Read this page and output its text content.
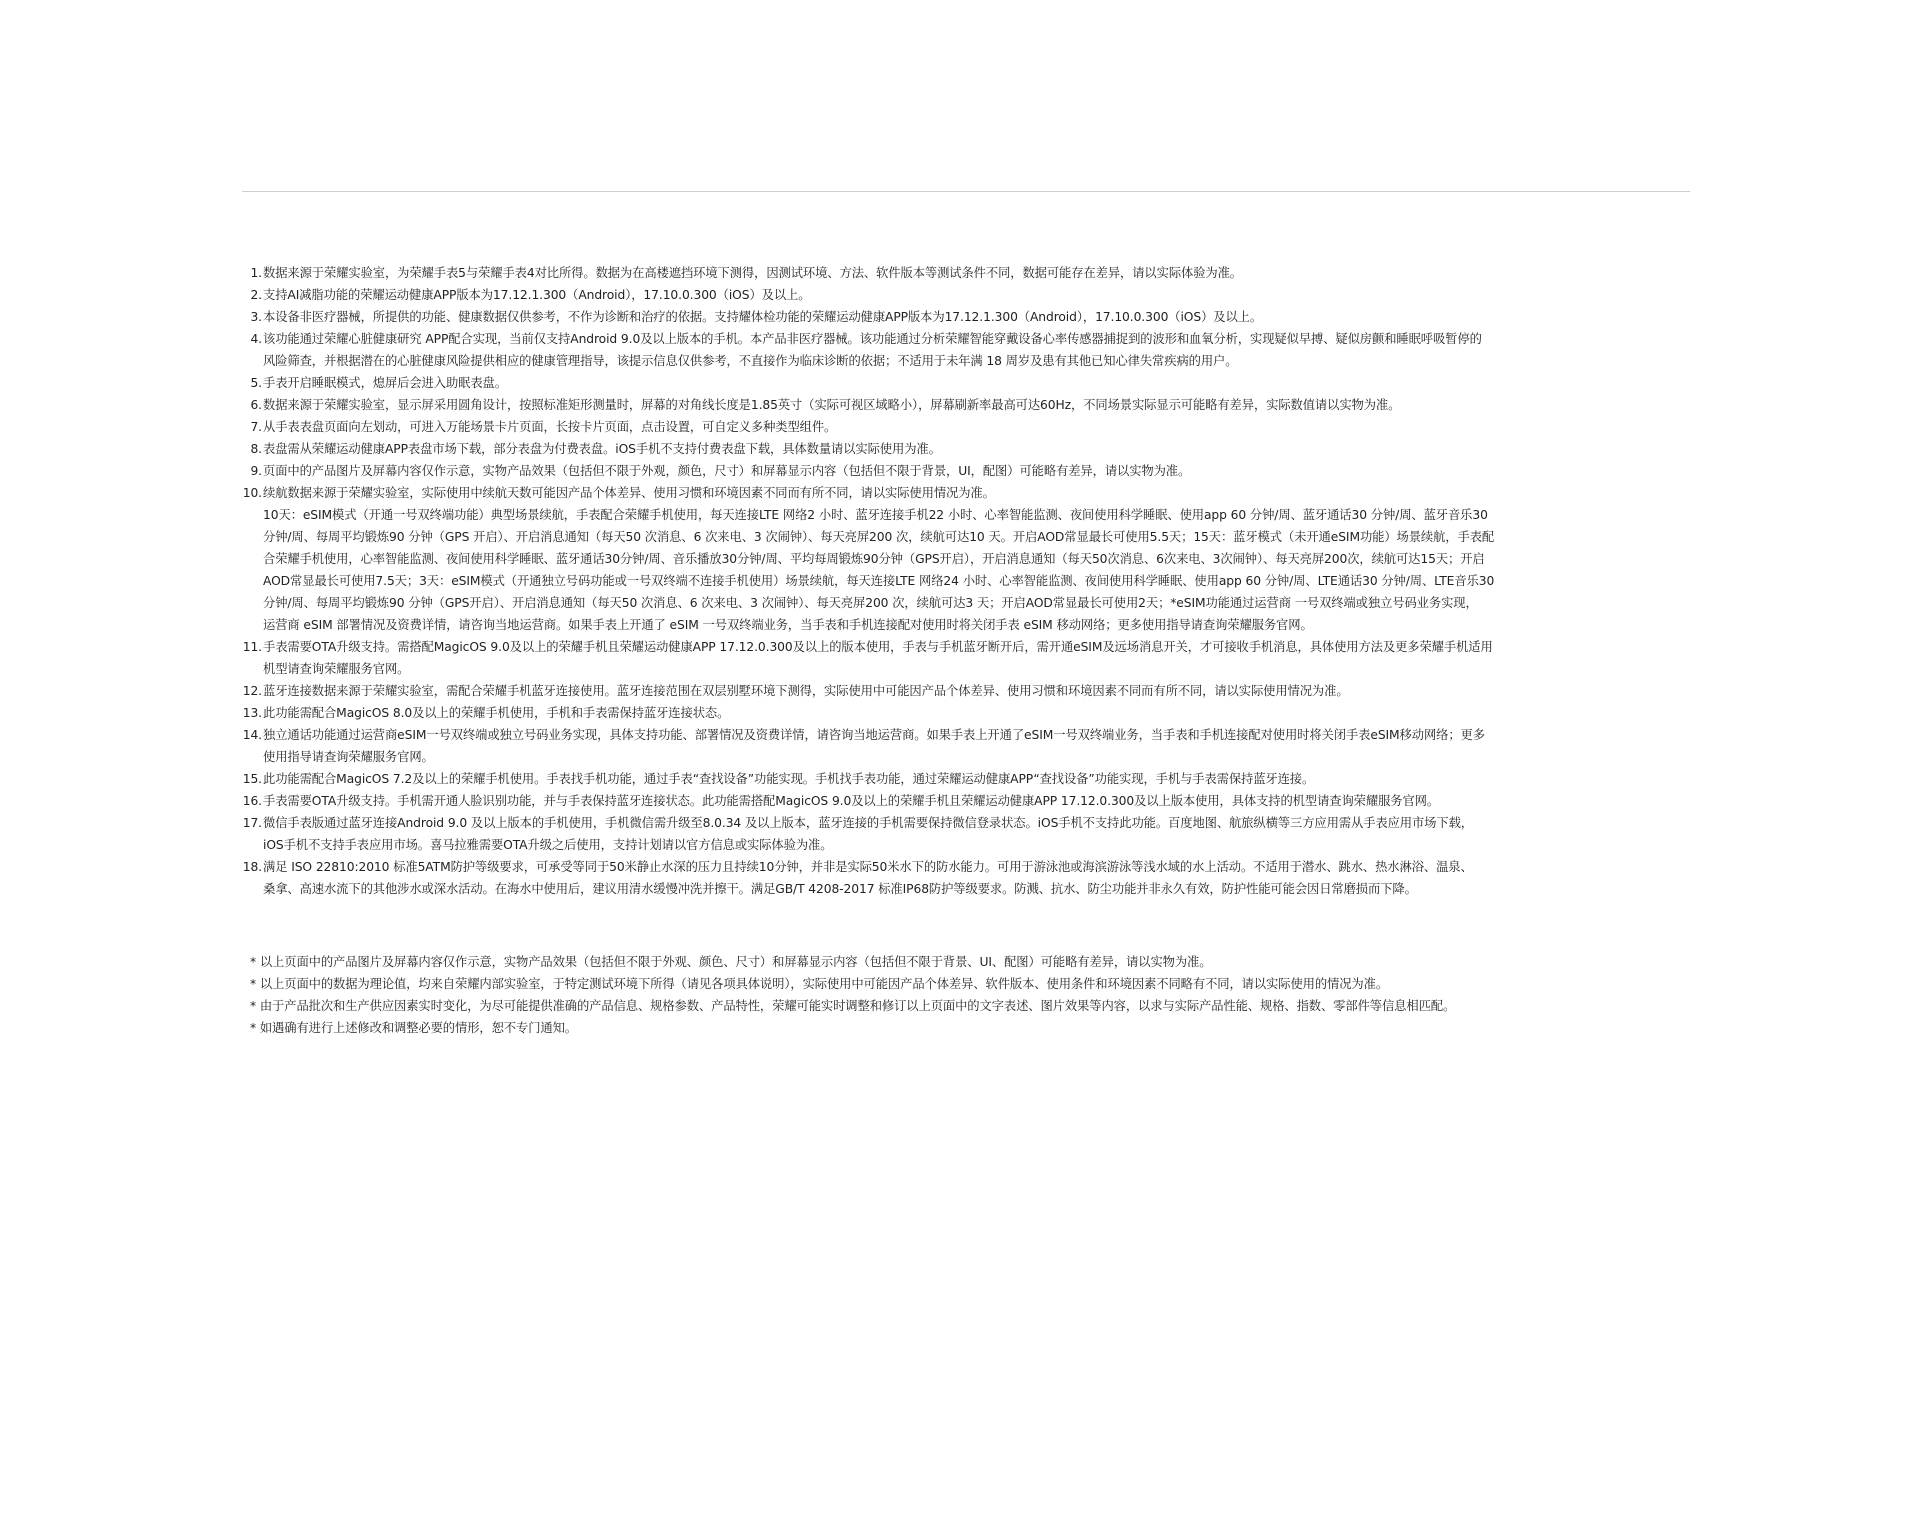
1. 数据来源于荣耀实验室，为荣耀手表5与荣耀手表4对比所得。数据为在高楼遮挡环境下测得，因测试环境、方法、软件版本等测试条件不同，数据可能存在差异，请以实际体验为准。
2. 支持AI减脂功能的荣耀运动健康APP版本为17.12.1.300（Android），17.10.0.300（iOS）及以上。
3. 本设备非医疗器械，所提供的功能、健康数据仅供参考，不作为诊断和治疗的依据。支持耀体检功能的荣耀运动健康APP版本为17.12.1.300（Android），17.10.0.300（iOS）及以上。
4. 该功能通过荣耀心脏健康研究 APP配合实现，当前仅支持Android 9.0及以上版本的手机。本产品非医疗器械。该功能通过分析荣耀智能穿戴设备心率传感器捕捉到的波形和血氧分析，实现疑似早搏、疑似房颤和睡眠呼吸暂停的
风险筛查，并根据潜在的心脏健康风险提供相应的健康管理指导，该提示信息仅供参考，不直接作为临床诊断的依据；不适用于未年满 18 周岁及患有其他已知心律失常疾病的用户。
5. 手表开启睡眠模式，熄屏后会进入助眠表盘。
6. 数据来源于荣耀实验室，显示屏采用圆角设计，按照标准矩形测量时，屏幕的对角线长度是1.85英寸（实际可视区域略小），屏幕刷新率最高可达60Hz，不同场景实际显示可能略有差异，实际数值请以实物为准。
7. 从手表表盘页面向左划动，可进入万能场景卡片页面，长按卡片页面，点击设置，可自定义多种类型组件。
8. 表盘需从荣耀运动健康APP表盘市场下载，部分表盘为付费表盘。iOS手机不支持付费表盘下载，具体数量请以实际使用为准。
9. 页面中的产品图片及屏幕内容仅作示意，实物产品效果（包括但不限于外观，颜色，尺寸）和屏幕显示内容（包括但不限于背景，UI，配图）可能略有差异，请以实物为准。
10. 续航数据来源于荣耀实验室，实际使用中续航天数可能因产品个体差异、使用习惯和环境因素不同而有所不同，请以实际使用情况为准。
10天：eSIM模式（开通一号双终端功能）典型场景续航，手表配合荣耀手机使用，每天连接LTE 网络2 小时、蓝牙连接手机22 小时、心率智能监测、夜间使用科学睡眠、使用app 60 分钟/周、蓝牙通话30 分钟/周、蓝牙音乐30
分钟/周、每周平均锻炼90 分钟（GPS 开启）、开启消息通知（每天50 次消息、6 次来电、3 次闹钟）、每天亮屏200 次，续航可达10 天。开启AOD常显最长可使用5.5天；15天：蓝牙模式（未开通eSIM功能）场景续航，手表配
合荣耀手机使用，心率智能监测、夜间使用科学睡眠、蓝牙通话30分钟/周、音乐播放30分钟/周、平均每周锻炼90分钟（GPS开启），开启消息通知（每天50次消息、6次来电、3次闹钟）、每天亮屏200次，续航可达15天；开启
AOD常显最长可使用7.5天；3天：eSIM模式（开通独立号码功能或一号双终端不连接手机使用）场景续航，每天连接LTE 网络24 小时、心率智能监测、夜间使用科学睡眠、使用app 60 分钟/周、LTE通话30 分钟/周、LTE音乐30
分钟/周、每周平均锻炼90 分钟（GPS开启）、开启消息通知（每天50 次消息、6 次来电、3 次闹钟）、每天亮屏200 次，续航可达3 天；开启AOD常显最长可使用2天；*eSIM功能通过运营商 一号双终端或独立号码业务实现，
运营商 eSIM 部署情况及资费详情，请咨询当地运营商。如果手表上开通了 eSIM 一号双终端业务，当手表和手机连接配对使用时将关闭手表 eSIM 移动网络；更多使用指导请查询荣耀服务官网。
11. 手表需要OTA升级支持。需搭配MagicOS 9.0及以上的荣耀手机且荣耀运动健康APP 17.12.0.300及以上的版本使用，手表与手机蓝牙断开后，需开通eSIM及远场消息开关，才可接收手机消息，具体使用方法及更多荣耀手机适用
机型请查询荣耀服务官网。
12. 蓝牙连接数据来源于荣耀实验室，需配合荣耀手机蓝牙连接使用。蓝牙连接范围在双层别墅环境下测得，实际使用中可能因产品个体差异、使用习惯和环境因素不同而有所不同，请以实际使用情况为准。
13. 此功能需配合MagicOS 8.0及以上的荣耀手机使用，手机和手表需保持蓝牙连接状态。
14. 独立通话功能通过运营商eSIM一号双终端或独立号码业务实现，具体支持功能、部署情况及资费详情，请咨询当地运营商。如果手表上开通了eSIM一号双终端业务，当手表和手机连接配对使用时将关闭手表eSIM移动网络；更多
使用指导请查询荣耀服务官网。
15. 此功能需配合MagicOS 7.2及以上的荣耀手机使用。手表找手机功能，通过手表“查找设备”功能实现。手机找手表功能，通过荣耀运动健康APP“查找设备”功能实现，手机与手表需保持蓝牙连接。
16. 手表需要OTA升级支持。手机需开通人脸识别功能，并与手表保持蓝牙连接状态。此功能需搭配MagicOS 9.0及以上的荣耀手机且荣耀运动健康APP 17.12.0.300及以上版本使用，具体支持的机型请查询荣耀服务官网。
17. 微信手表版通过蓝牙连接Android 9.0 及以上版本的手机使用，手机微信需升级至8.0.34 及以上版本，蓝牙连接的手机需要保持微信登录状态。iOS手机不支持此功能。百度地图、航旅纵横等三方应用需从手表应用市场下载，
iOS手机不支持手表应用市场。喜马拉雅需要OTA升级之后使用，支持计划请以官方信息或实际体验为准。
18. 满足 ISO 22810:2010 标准5ATM防护等级要求，可承受等同于50米静止水深的压力且持续10分钟，并非是实际50米水下的防水能力。可用于游泳池或海滨游泳等浅水域的水上活动。不适用于潜水、跳水、热水淋浴、温泉、
桑拿、高速水流下的其他涉水或深水活动。在海水中使用后，建议用清水缓慢冲洗并擦干。满足GB/T 4208-2017 标准IP68防护等级要求。防溅、抗水、防尘功能并非永久有效，防护性能可能会因日常磨损而下降。
* 以上页面中的产品图片及屏幕内容仅作示意，实物产品效果（包括但不限于外观、颜色、尺寸）和屏幕显示内容（包括但不限于背景、UI、配图）可能略有差异，请以实物为准。
* 以上页面中的数据为理论值，均来自荣耀内部实验室，于特定测试环境下所得（请见各项具体说明），实际使用中可能因产品个体差异、软件版本、使用条件和环境因素不同略有不同，请以实际使用的情况为准。
* 由于产品批次和生产供应因素实时变化，为尽可能提供准确的产品信息、规格参数、产品特性，荣耀可能实时调整和修订以上页面中的文字表述、图片效果等内容，以求与实际产品性能、规格、指数、零部件等信息相匹配。
* 如遇确有进行上述修改和调整必要的情形，恕不专门通知。
